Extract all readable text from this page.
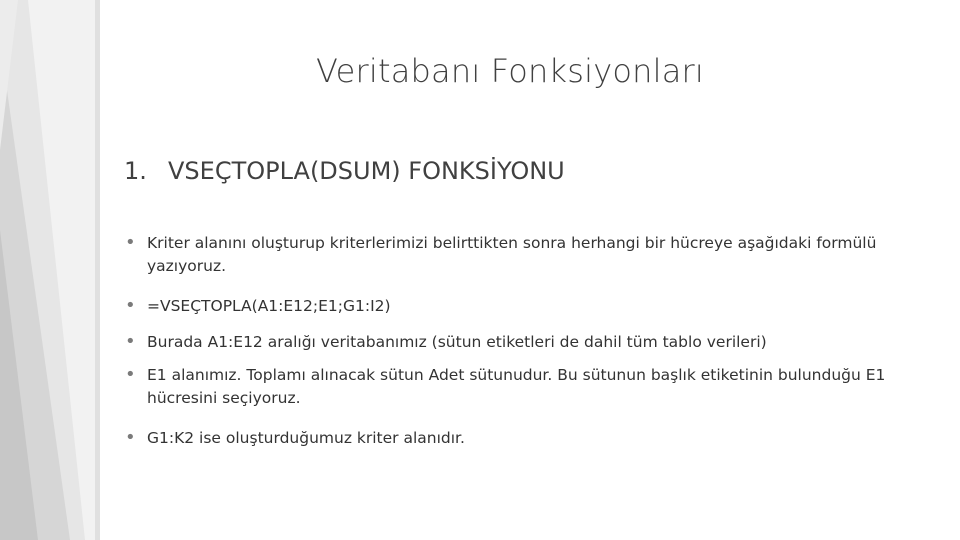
Veritabanı Fonksiyonları
1. VSEÇTOPLA(DSUM) FONKSİYONU
• Kriter alanını oluşturup kriterlerimizi belirttikten sonra herhangi bir hücreye aşağıdaki formülü yazıyoruz.
• =VSEÇTOPLA(A1:E12;E1;G1:I2)
• Burada A1:E12 aralığı veritabanımız (sütun etiketleri de dahil tüm tablo verileri)
• E1 alanımız. Toplamı alınacak sütun Adet sütunudur. Bu sütunun başlık etiketinin bulunduğu E1 hücresini seçiyoruz.
• G1:K2 ise oluşturduğumuz kriter alanıdır.
